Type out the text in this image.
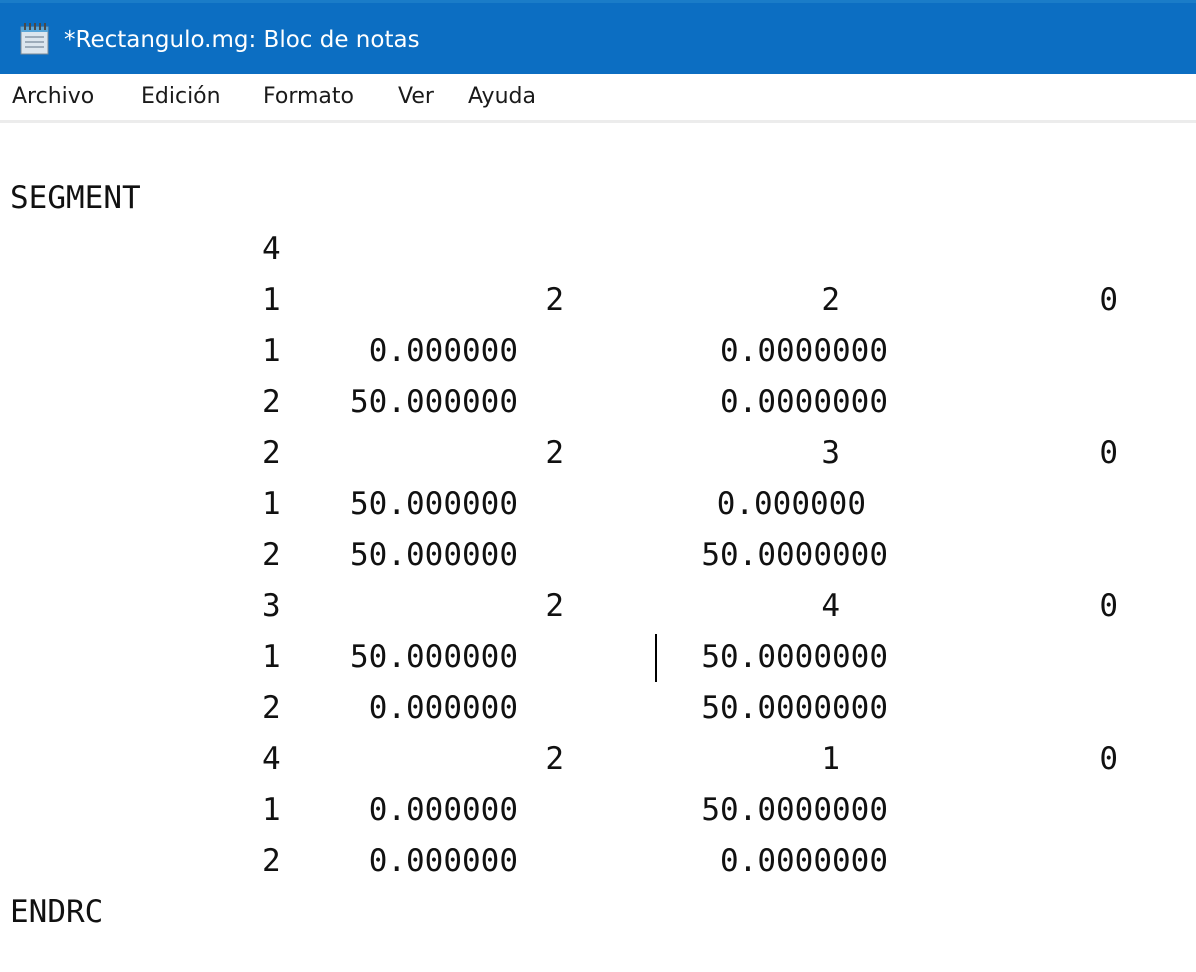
*Rectangulo.mg: Bloc de notas
Archivo Edición Formato Ver Ayuda
SEGMENT
4
1	2	2	0
1	0.000000	0.0000000
2	50.000000	0.0000000
2	2	3	0
1	50.000000	0.000000
2	50.000000	50.0000000
3	2	4	0
1	50.000000	50.0000000
2	0.000000	50.0000000
4	2	1	0
1	0.000000	50.0000000
2	0.000000	0.0000000
ENDRC
